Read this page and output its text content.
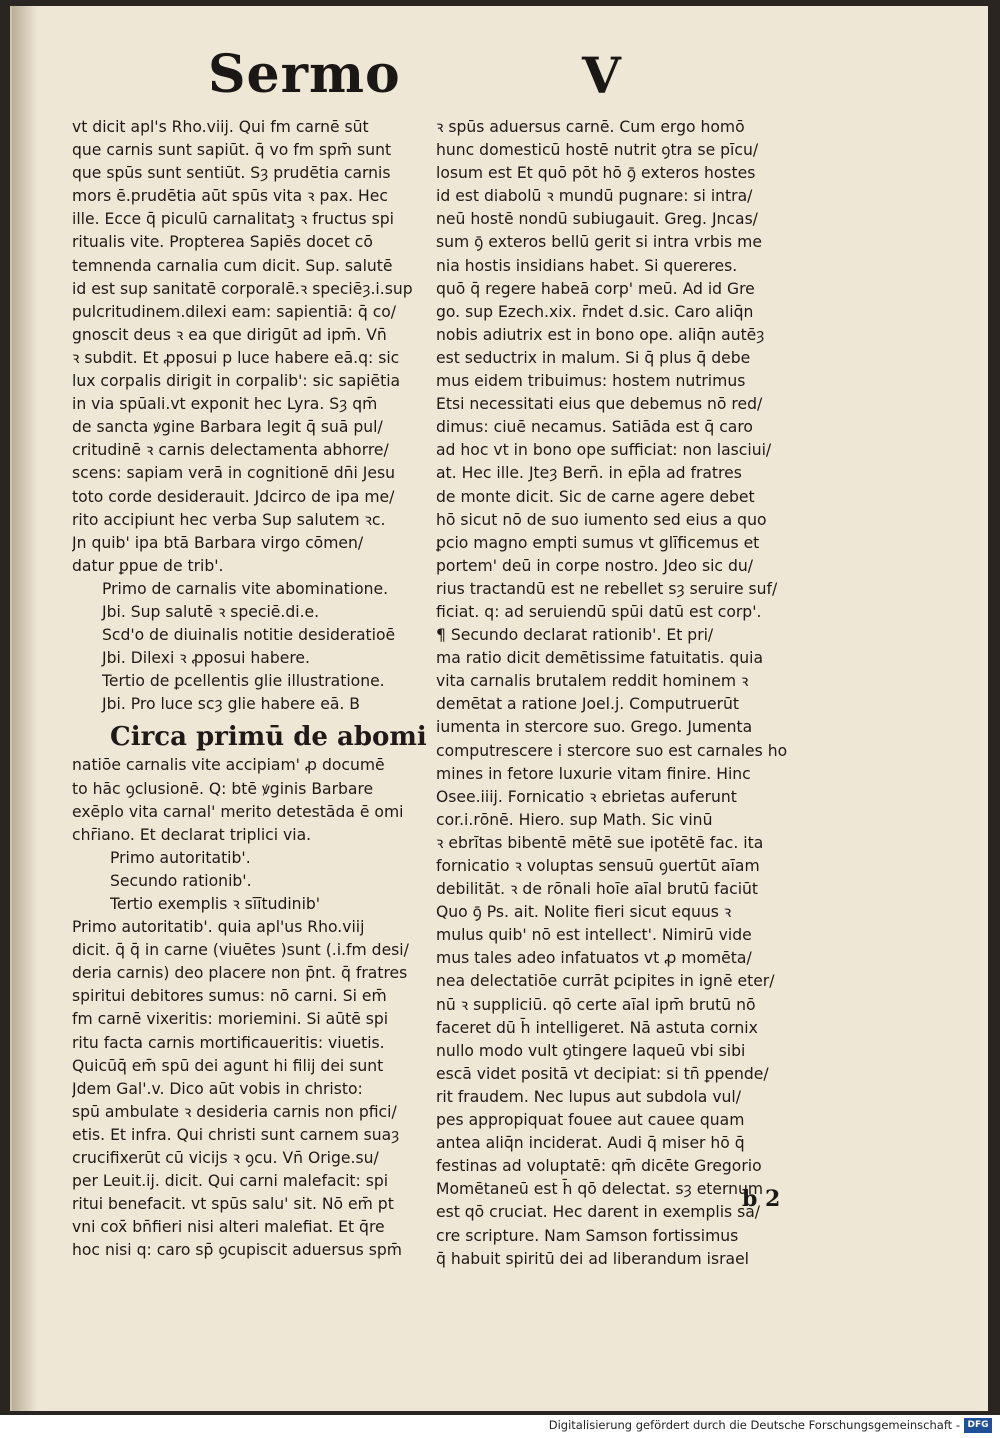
Sermo	V
vt dicit apl's Rho.viij. Qui fm carnē sūt
que carnis sunt sapiūt. q̄ vo fm spm̄ sunt
que spūs sunt sentiūt. Sȝ prudētia carnis
mors ē.prudētia aūt spūs vita ꝛ pax. Hec
ille. Ecce q̄ piculū carnalitatꝫ ꝛ fructus spi
ritualis vite. Propterea Sapiēs docet cō
temnenda carnalia cum dicit. Sup. salutē
id est sup sanitatē corporalē.ꝛ speciēȝ.i.sup
pulcritudinem.dilexi eam: sapientiā: q̄ co/
gnoscit deus ꝛ ea que dirigūt ad ipm̄. Vn̄
ꝛ subdit. Et ꝓposui p luce habere eā.q: sic
lux corpalis dirigit in corpalib': sic sapiētia
in via spūali.vt exponit hec Lyra. Sȝ qm̄
de sancta ꝟgine Barbara legit q̄ suā pul/
critudinē ꝛ carnis delectamenta abhorre/
scens: sapiam verā in cognitionē dn̄i Jesu
toto corde desiderauit. Jdcirco de ipa me/
rito accipiunt hec verba Sup salutem ꝛc.
Jn quib' ipa btā Barbara virgo cōmen/
datur ꝑpue de trib'.
Primo de carnalis vite abominatione.
Jbi. Sup salutē ꝛ speciē.di.e.
Scd'o de diuinalis notitie desideratioē
Jbi. Dilexi ꝛ ꝓposui habere.
Tertio de ꝑcellentis glie illustratione.
Jbi. Pro luce scȝ glie habere eā. B
Circa primū de abomi
natiōe carnalis vite accipiam' ꝓ documē
to hāc ꝯclusionē. Q: btē ꝟginis Barbare
exēplo vita carnal' merito detestāda ē omi
chr̄iano. Et declarat triplici via.
Primo autoritatib'.
Secundo rationib'.
Tertio exemplis ꝛ sīītudinib'
Primo autoritatib'. quia apl'us Rho.viij
dicit. q̄ q̄ in carne (viuētes )sunt (.i.fm desi/
deria carnis) deo placere non p̄nt. q̄ fratres
spiritui debitores sumus: nō carni. Si em̄
fm carnē vixeritis: moriemini. Si aūtē spi
ritu facta carnis mortificaueritis: viuetis.
Quicūq̄ em̄ spū dei agunt hi filij dei sunt
Jdem Gal'.v. Dico aūt vobis in christo:
spū ambulate ꝛ desideria carnis non pfici/
etis. Et infra. Qui christi sunt carnem suaȝ
crucifixerūt cū vicijs ꝛ ꝯcu. Vn̄ Orige.su/
per Leuit.ij. dicit. Qui carni malefacit: spi
ritui benefacit. vt spūs salu' sit. Nō em̄ pt
vni cox̄ bn̄fieri nisi alteri malefiat. Et q̄re
hoc nisi q: caro sp̄ ꝯcupiscit aduersus spm̄
ꝛ spūs aduersus carnē. Cum ergo homō
hunc domesticū hostē nutrit ꝯtra se pīcu/
losum est Et quō pōt hō ꝯ̄ exteros hostes
id est diabolū ꝛ mundū pugnare: si intra/
neū hostē nondū subiugauit. Greg. Jncas/
sum ꝯ̄ exteros bellū gerit si intra vrbis me
nia hostis insidians habet. Si quereres.
quō q̄ regere habeā corp' meū. Ad id Gre
go. sup Ezech.xix. r̄ndet d.sic. Caro aliq̄n
nobis adiutrix est in bono ope. aliq̄n autēȝ
est seductrix in malum. Si q̄ plus q̄ debe
mus eidem tribuimus: hostem nutrimus
Etsi necessitati eius que debemus nō red/
dimus: ciuē necamus. Satiāda est q̄ caro
ad hoc vt in bono ope sufficiat: non lasciui/
at. Hec ille. Jteȝ Bern̄. in ep̄la ad fratres
de monte dicit. Sic de carne agere debet
hō sicut nō de suo iumento sed eius a quo
ꝑcio magno empti sumus vt glīficemus et
portem' deū in corpe nostro. Jdeo sic du/
rius tractandū est ne rebellet sȝ seruire suf/
ficiat. q: ad seruiendū spūi datū est corp'.
¶ Secundo declarat rationib'. Et pri/
ma ratio dicit demētissime fatuitatis. quia
vita carnalis brutalem reddit hominem ꝛ
demētat a ratione Joel.j. Computruerūt
iumenta in stercore suo. Grego. Jumenta
computrescere i stercore suo est carnales ho
mines in fetore luxurie vitam finire. Hinc
Osee.iiij. Fornicatio ꝛ ebrietas auferunt
cor.i.rōnē. Hiero. sup Math. Sic vinū
ꝛ ebrītas bibentē mētē sue ipotētē fac. ita
fornicatio ꝛ voluptas sensuū ꝯuertūt aīam
debilitāt. ꝛ de rōnali hoīe aīal brutū faciūt
Quo ꝯ̄ Ps. ait. Nolite fieri sicut equus ꝛ
mulus quib' nō est intellect'. Nimirū vide
mus tales adeo infatuatos vt ꝓ momēta/
nea delectatiōe currāt ꝑcipites in ignē eter/
nū ꝛ suppliciū. qō certe aīal ipm̄ brutū nō
faceret dū h̄ intelligeret. Nā astuta cornix
nullo modo vult ꝯtingere laqueū vbi sibi
escā videt positā vt decipiat: si tn̄ ꝑpende/
rit fraudem. Nec lupus aut subdola vul/
pes appropiquat fouee aut cauee quam
antea aliq̄n inciderat. Audi q̄ miser hō q̄
festinas ad voluptatē: qm̄ dicēte Gregorio
Momētaneū est h̄ qō delectat. sȝ eternum
est qō cruciat. Hec darent in exemplis sa/
cre scripture. Nam Samson fortissimus
q̄ habuit spiritū dei ad liberandum israel
b 2
Digitalisierung gefördert durch die Deutsche Forschungsgemeinschaft - DFG
